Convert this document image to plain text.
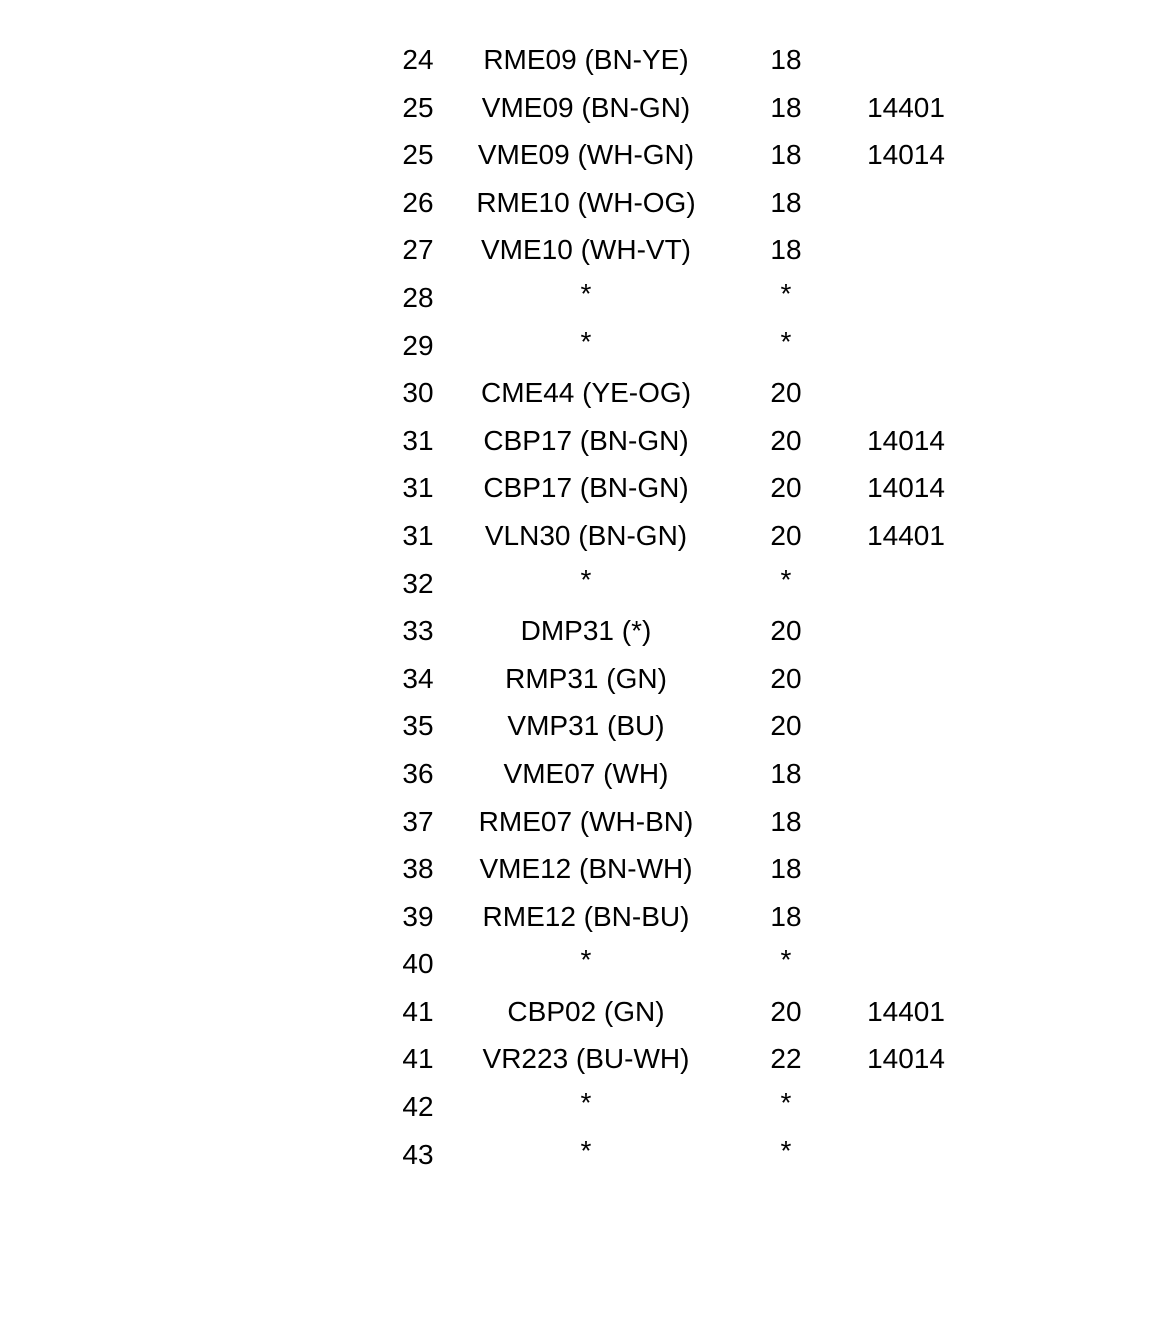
24	RME09 (BN-YE)	18
25	VME09 (BN-GN)	18	14401
25	VME09 (WH-GN)	18	14014
26	RME10 (WH-OG)	18
27	VME10 (WH-VT)	18
28	*	*
29	*	*
30	CME44 (YE-OG)	20
31	CBP17 (BN-GN)	20	14014
31	CBP17 (BN-GN)	20	14014
31	VLN30 (BN-GN)	20	14401
32	*	*
33	DMP31 (*)	20
34	RMP31 (GN)	20
35	VMP31 (BU)	20
36	VME07 (WH)	18
37	RME07 (WH-BN)	18
38	VME12 (BN-WH)	18
39	RME12 (BN-BU)	18
40	*	*
41	CBP02 (GN)	20	14401
41	VR223 (BU-WH)	22	14014
42	*	*
43	*	*
